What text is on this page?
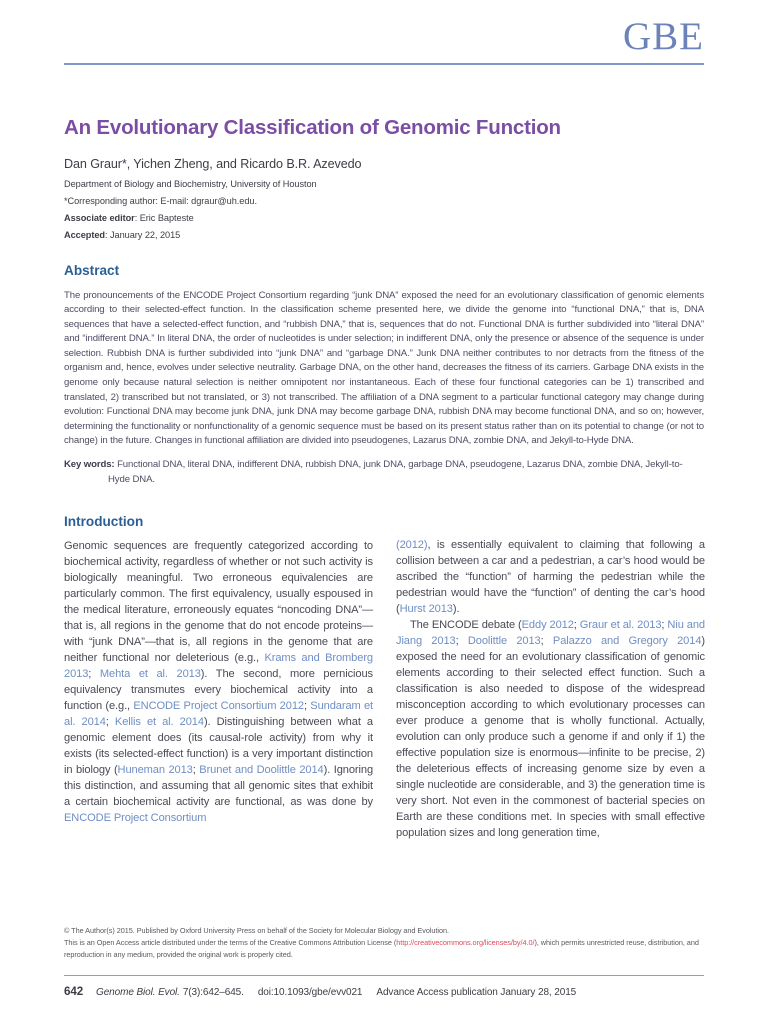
GBE
An Evolutionary Classification of Genomic Function
Dan Graur*, Yichen Zheng, and Ricardo B.R. Azevedo
Department of Biology and Biochemistry, University of Houston
*Corresponding author: E-mail: dgraur@uh.edu.
Associate editor: Eric Bapteste
Accepted: January 22, 2015
Abstract

The pronouncements of the ENCODE Project Consortium regarding “junk DNA” exposed the need for an evolutionary classification of genomic elements according to their selected-effect function. In the classification scheme presented here, we divide the genome into “functional DNA,” that is, DNA sequences that have a selected-effect function, and “rubbish DNA,” that is, sequences that do not. Functional DNA is further subdivided into “literal DNA” and “indifferent DNA.” In literal DNA, the order of nucleotides is under selection; in indifferent DNA, only the presence or absence of the sequence is under selection. Rubbish DNA is further subdivided into “junk DNA” and “garbage DNA.” Junk DNA neither contributes to nor detracts from the fitness of the organism and, hence, evolves under selective neutrality. Garbage DNA, on the other hand, decreases the fitness of its carriers. Garbage DNA exists in the genome only because natural selection is neither omnipotent nor instantaneous. Each of these four functional categories can be 1) transcribed and translated, 2) transcribed but not translated, or 3) not transcribed. The affiliation of a DNA segment to a particular functional category may change during evolution: Functional DNA may become junk DNA, junk DNA may become garbage DNA, rubbish DNA may become functional DNA, and so on; however, determining the functionality or nonfunctionality of a genomic sequence must be based on its present status rather than on its potential to change (or not to change) in the future. Changes in functional affiliation are divided into pseudogenes, Lazarus DNA, zombie DNA, and Jekyll-to-Hyde DNA.

Key words: Functional DNA, literal DNA, indifferent DNA, rubbish DNA, junk DNA, garbage DNA, pseudogene, Lazarus DNA, zombie DNA, Jekyll-to-Hyde DNA.

Introduction

Genomic sequences are frequently categorized according to biochemical activity, regardless of whether or not such activity is biologically meaningful. Two erroneous equivalencies are particularly common. The first equivalency, usually espoused in the medical literature, erroneously equates “noncoding DNA”—that is, all regions in the genome that do not encode proteins—with “junk DNA”—that is, all regions in the genome that are neither functional nor deleterious (e.g., Krams and Bromberg 2013; Mehta et al. 2013). The second, more pernicious equivalency transmutes every biochemical activity into a function (e.g., ENCODE Project Consortium 2012; Sundaram et al. 2014; Kellis et al. 2014). Distinguishing between what a genomic element does (its causal-role activity) from why it exists (its selected-effect function) is a very important distinction in biology (Huneman 2013; Brunet and Doolittle 2014). Ignoring this distinction, and assuming that all genomic sites that exhibit a certain biochemical activity are functional, as was done by ENCODE Project Consortium

(2012), is essentially equivalent to claiming that following a collision between a car and a pedestrian, a car’s hood would be ascribed the “function” of harming the pedestrian while the pedestrian would have the “function” of denting the car’s hood (Hurst 2013).

The ENCODE debate (Eddy 2012; Graur et al. 2013; Niu and Jiang 2013; Doolittle 2013; Palazzo and Gregory 2014) exposed the need for an evolutionary classification of genomic elements according to their selected effect function. Such a classification is also needed to dispose of the widespread misconception according to which evolutionary processes can ever produce a genome that is wholly functional. Actually, evolution can only produce such a genome if and only if 1) the effective population size is enormous—infinite to be precise, 2) the deleterious effects of increasing genome size by even a single nucleotide are considerable, and 3) the generation time is very short. Not even in the commonest of bacterial species on Earth are these conditions met. In species with small effective population sizes and long generation time,

© The Author(s) 2015. Published by Oxford University Press on behalf of the Society for Molecular Biology and Evolution.
This is an Open Access article distributed under the terms of the Creative Commons Attribution License (http://creativecommons.org/licenses/by/4.0/), which permits unrestricted reuse, distribution, and reproduction in any medium, provided the original work is properly cited.
642 Genome Biol. Evol. 7(3):642–645. doi:10.1093/gbe/evv021 Advance Access publication January 28, 2015
